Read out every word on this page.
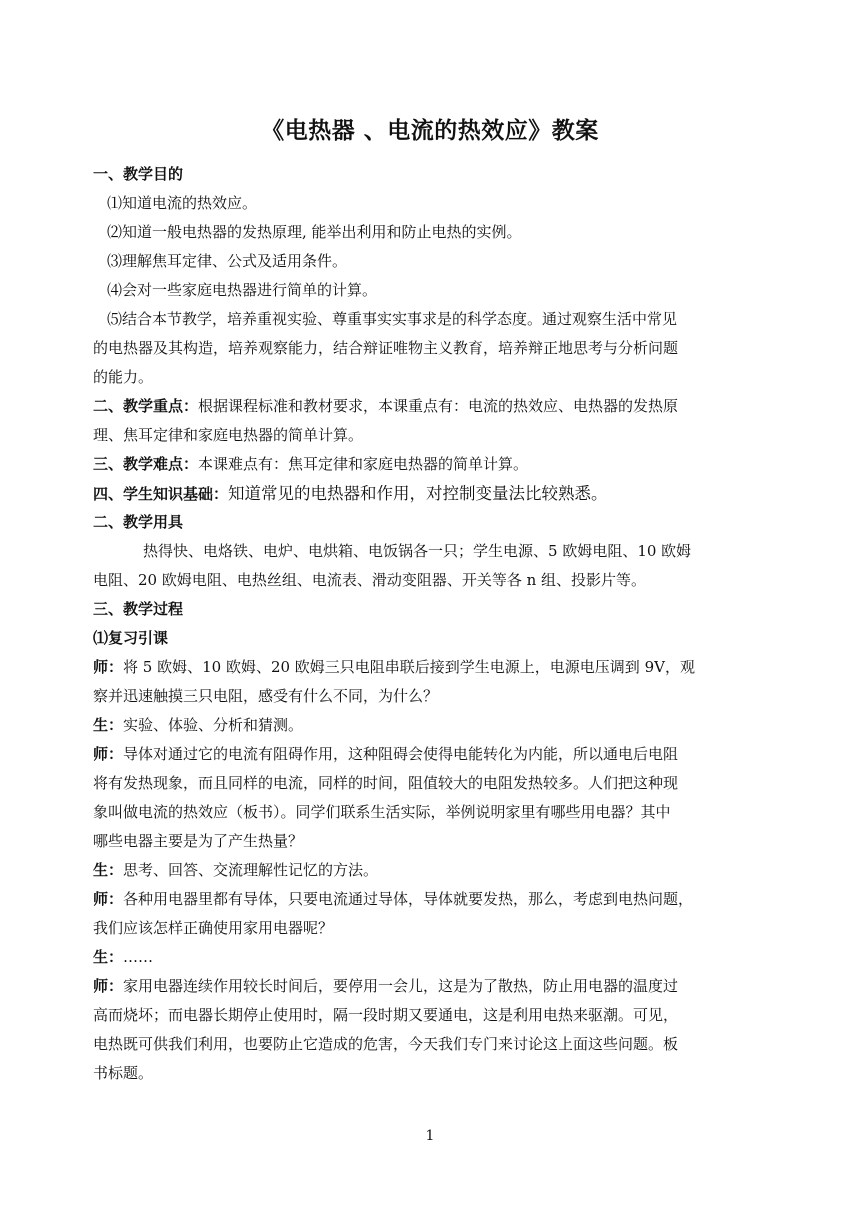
《电热器 、电流的热效应》教案
一、教学目的
⑴知道电流的热效应。
⑵知道一般电热器的发热原理, 能举出利用和防止电热的实例。
⑶理解焦耳定律、公式及适用条件。
⑷会对一些家庭电热器进行简单的计算。
⑸结合本节教学，培养重视实验、尊重事实实事求是的科学态度。通过观察生活中常见
的电热器及其构造，培养观察能力，结合辩证唯物主义教育，培养辩正地思考与分析问题
的能力。
二、教学重点：根据课程标准和教材要求，本课重点有：电流的热效应、电热器的发热原
理、焦耳定律和家庭电热器的简单计算。
三、教学难点：本课难点有：焦耳定律和家庭电热器的简单计算。
四、学生知识基础：知道常见的电热器和作用，对控制变量法比较熟悉。
二、教学用具
热得快、电烙铁、电炉、电烘箱、电饭锅各一只；学生电源、5 欧姆电阻、10 欧姆
电阻、20 欧姆电阻、电热丝组、电流表、滑动变阻器、开关等各 n 组、投影片等。
三、教学过程
⑴复习引课
师：将 5 欧姆、10 欧姆、20 欧姆三只电阻串联后接到学生电源上，电源电压调到 9V，观
察并迅速触摸三只电阻，感受有什么不同，为什么？
生：实验、体验、分析和猜测。
师：导体对通过它的电流有阻碍作用，这种阻碍会使得电能转化为内能，所以通电后电阻
将有发热现象，而且同样的电流，同样的时间，阻值较大的电阻发热较多。人们把这种现
象叫做电流的热效应（板书）。同学们联系生活实际，举例说明家里有哪些用电器？其中
哪些电器主要是为了产生热量？
生：思考、回答、交流理解性记忆的方法。
师：各种用电器里都有导体，只要电流通过导体，导体就要发热，那么，考虑到电热问题，
我们应该怎样正确使用家用电器呢？
生：……
师：家用电器连续作用较长时间后，要停用一会儿，这是为了散热，防止用电器的温度过
高而烧坏；而电器长期停止使用时，隔一段时期又要通电，这是利用电热来驱潮。可见，
电热既可供我们利用，也要防止它造成的危害，今天我们专门来讨论这上面这些问题。板
书标题。
1
